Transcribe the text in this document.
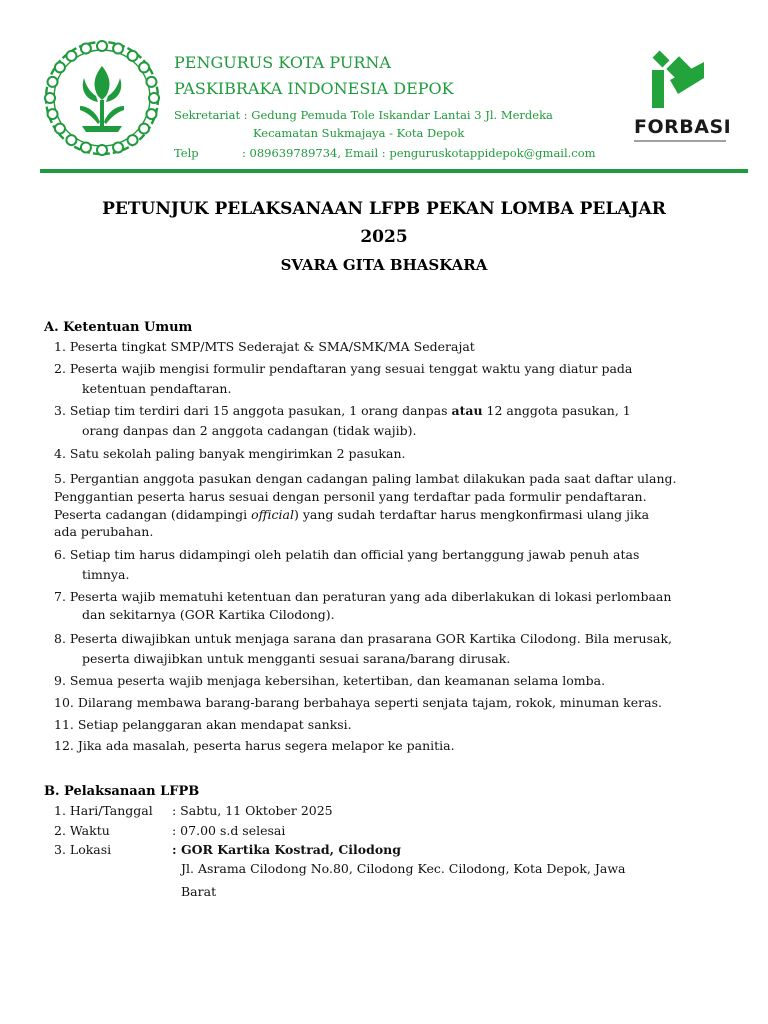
FORBASI
PENGURUS KOTA PURNA
PASKIBRAKA INDONESIA DEPOK
Sekretariat : Gedung Pemuda Tole Iskandar Lantai 3 Jl. Merdeka
Kecamatan Sukmajaya - Kota Depok
Telp	: 089639789734, Email : penguruskotappidepok@gmail.com
PETUNJUK PELAKSANAAN LFPB PEKAN LOMBA PELAJAR
2025
SVARA GITA BHASKARA
A. Ketentuan Umum
1. Peserta tingkat SMP/MTS Sederajat & SMA/SMK/MA Sederajat
2. Peserta wajib mengisi formulir pendaftaran yang sesuai tenggat waktu yang diatur pada
ketentuan pendaftaran.
3. Setiap tim terdiri dari 15 anggota pasukan, 1 orang danpas atau 12 anggota pasukan, 1
orang danpas dan 2 anggota cadangan (tidak wajib).
4. Satu sekolah paling banyak mengirimkan 2 pasukan.
5. Pergantian anggota pasukan dengan cadangan paling lambat dilakukan pada saat daftar ulang.
Penggantian peserta harus sesuai dengan personil yang terdaftar pada formulir pendaftaran.
Peserta cadangan (didampingi official) yang sudah terdaftar harus mengkonfirmasi ulang jika
ada perubahan.
6. Setiap tim harus didampingi oleh pelatih dan official yang bertanggung jawab penuh atas
timnya.
7. Peserta wajib mematuhi ketentuan dan peraturan yang ada diberlakukan di lokasi perlombaan
dan sekitarnya (GOR Kartika Cilodong).
8. Peserta diwajibkan untuk menjaga sarana dan prasarana GOR Kartika Cilodong. Bila merusak,
peserta diwajibkan untuk mengganti sesuai sarana/barang dirusak.
9. Semua peserta wajib menjaga kebersihan, ketertiban, dan keamanan selama lomba.
10. Dilarang membawa barang-barang berbahaya seperti senjata tajam, rokok, minuman keras.
11. Setiap pelanggaran akan mendapat sanksi.
12. Jika ada masalah, peserta harus segera melapor ke panitia.
B. Pelaksanaan LFPB
1. Hari/Tanggal : Sabtu, 11 Oktober 2025
2. Waktu	: 07.00 s.d selesai
3. Lokasi	: GOR Kartika Kostrad, Cilodong
Jl. Asrama Cilodong No.80, Cilodong Kec. Cilodong, Kota Depok, Jawa
Barat
